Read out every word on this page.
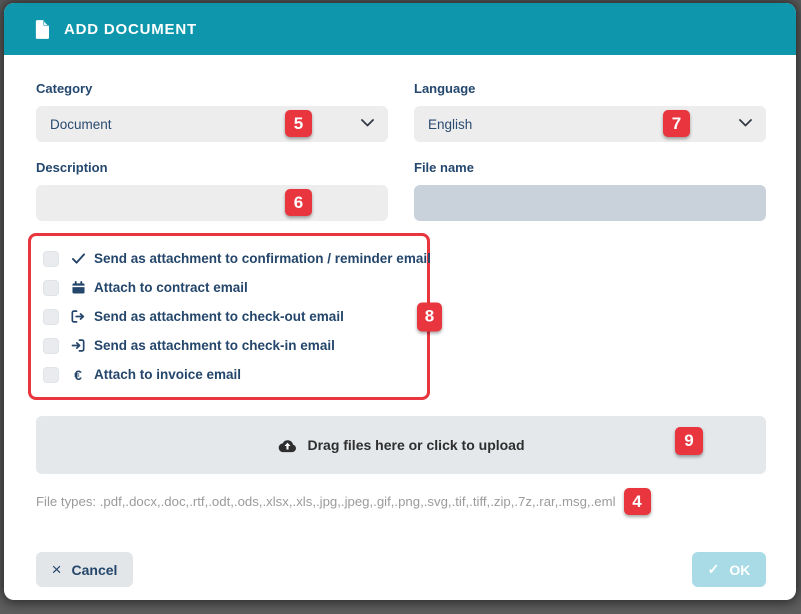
ADD DOCUMENT
Category
Document	5
Language
English	7
Description
6
File name
Send as attachment to confirmation / reminder email
Attach to contract email
Send as attachment to check-out email
Send as attachment to check-in email
€ Attach to invoice email
8
Drag files here or click to upload	9
File types: .pdf,.docx,.doc,.rtf,.odt,.ods,.xlsx,.xls,.jpg,.jpeg,.gif,.png,.svg,.tif,.tiff,.zip,.7z,.rar,.msg,.eml 4
× Cancel	✓ OK
